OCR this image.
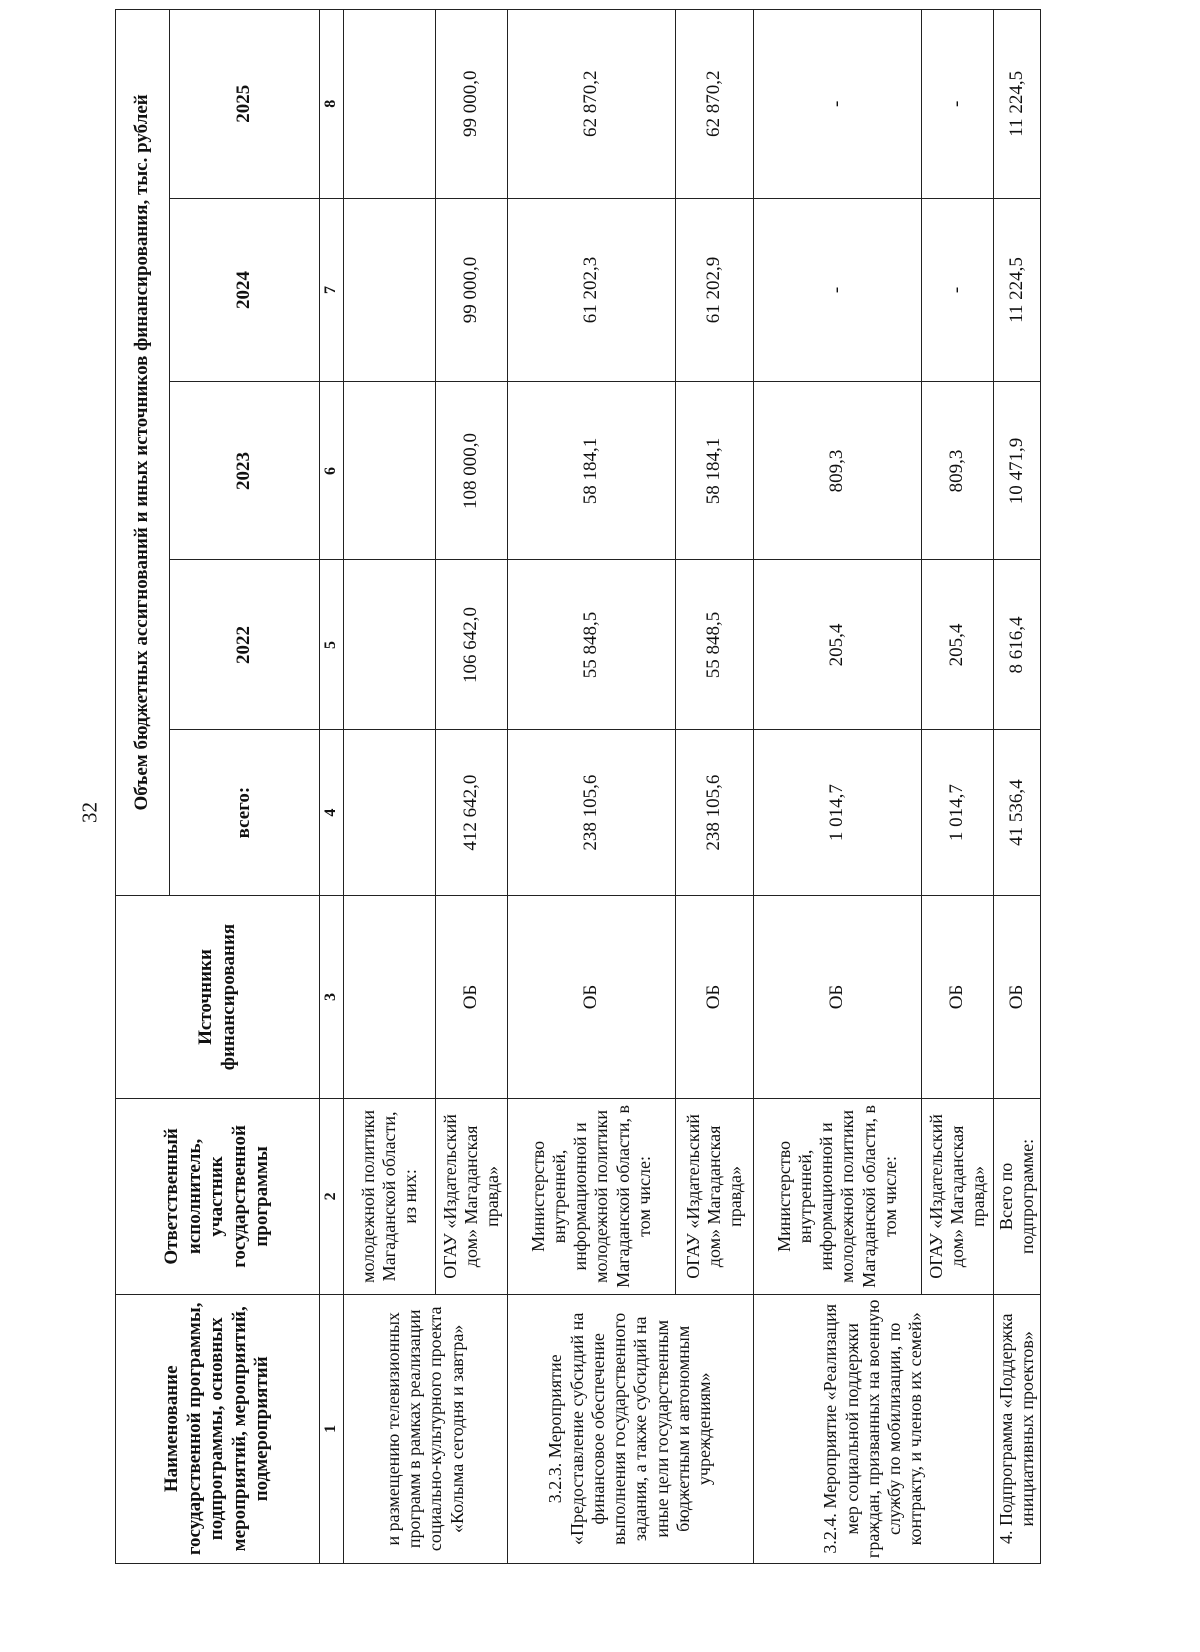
32
Наименование государственной программы, подпрограммы, основных мероприятий, мероприятий, подмероприятий	Ответственный исполнитель, участник государственной программы	Источники финансирования	Объем бюджетных ассигнований и иных источников финансирования, тыс. рублей				
			всего:	2022	2023	2024	2025
1	2	3	4	5	6	7	8
и размещению телевизионных программ в рамках реализации социально-культурного проекта «Колыма сегодня и завтра»	молодежной политики Магаданской области, из них:						
	ОГАУ «Издательский дом» Магаданская правда»	ОБ	412 642,0	106 642,0	108 000,0	99 000,0	99 000,0
3.2.3. Мероприятие «Предоставление субсидий на финансовое обеспечение выполнения государственного задания, а также субсидий на иные цели государственным бюджетным и автономным учреждениям»	Министерство внутренней, информационной и молодежной политики Магаданской области, в том числе:	ОБ	238 105,6	55 848,5	58 184,1	61 202,3	62 870,2
	ОГАУ «Издательский дом» Магаданская правда»	ОБ	238 105,6	55 848,5	58 184,1	61 202,9	62 870,2
3.2.4. Мероприятие «Реализация мер социальной поддержки граждан, призванных на военную службу по мобилизации, по контракту, и членов их семей»	Министерство внутренней, информационной и молодежной политики Магаданской области, в том числе:	ОБ	1 014,7	205,4	809,3	-	-
	ОГАУ «Издательский дом» Магаданская правда»	ОБ	1 014,7	205,4	809,3	-	-
4. Подпрограмма «Поддержка инициативных проектов»	Всего по подпрограмме:	ОБ	41 536,4	8 616,4	10 471,9	11 224,5	11 224,5
